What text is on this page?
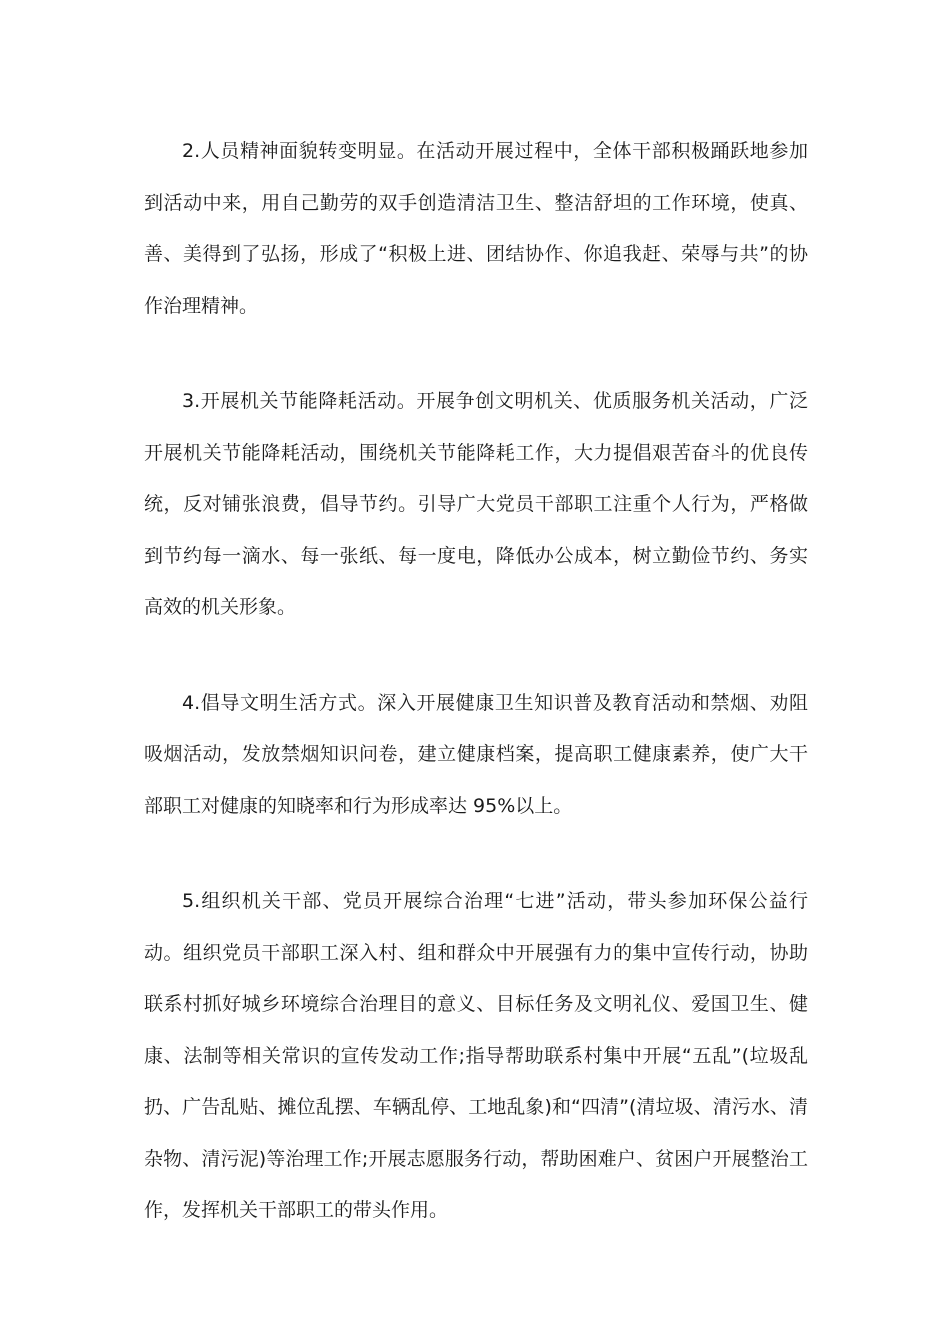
2.人员精神面貌转变明显。在活动开展过程中，全体干部积极踊跃地参加到活动中来，用自己勤劳的双手创造清洁卫生、整洁舒坦的工作环境，使真、善、美得到了弘扬，形成了“积极上进、团结协作、你追我赶、荣辱与共”的协作治理精神。

3.开展机关节能降耗活动。开展争创文明机关、优质服务机关活动，广泛开展机关节能降耗活动，围绕机关节能降耗工作，大力提倡艰苦奋斗的优良传统，反对铺张浪费，倡导节约。引导广大党员干部职工注重个人行为，严格做到节约每一滴水、每一张纸、每一度电，降低办公成本，树立勤俭节约、务实高效的机关形象。

4.倡导文明生活方式。深入开展健康卫生知识普及教育活动和禁烟、劝阻吸烟活动，发放禁烟知识问卷，建立健康档案，提高职工健康素养，使广大干部职工对健康的知晓率和行为形成率达 95%以上。

5.组织机关干部、党员开展综合治理“七进”活动，带头参加环保公益行动。组织党员干部职工深入村、组和群众中开展强有力的集中宣传行动，协助联系村抓好城乡环境综合治理目的意义、目标任务及文明礼仪、爱国卫生、健康、法制等相关常识的宣传发动工作;指导帮助联系村集中开展“五乱”(垃圾乱扔、广告乱贴、摊位乱摆、车辆乱停、工地乱象)和“四清”(清垃圾、清污水、清杂物、清污泥)等治理工作;开展志愿服务行动，帮助困难户、贫困户开展整治工作，发挥机关干部职工的带头作用。
